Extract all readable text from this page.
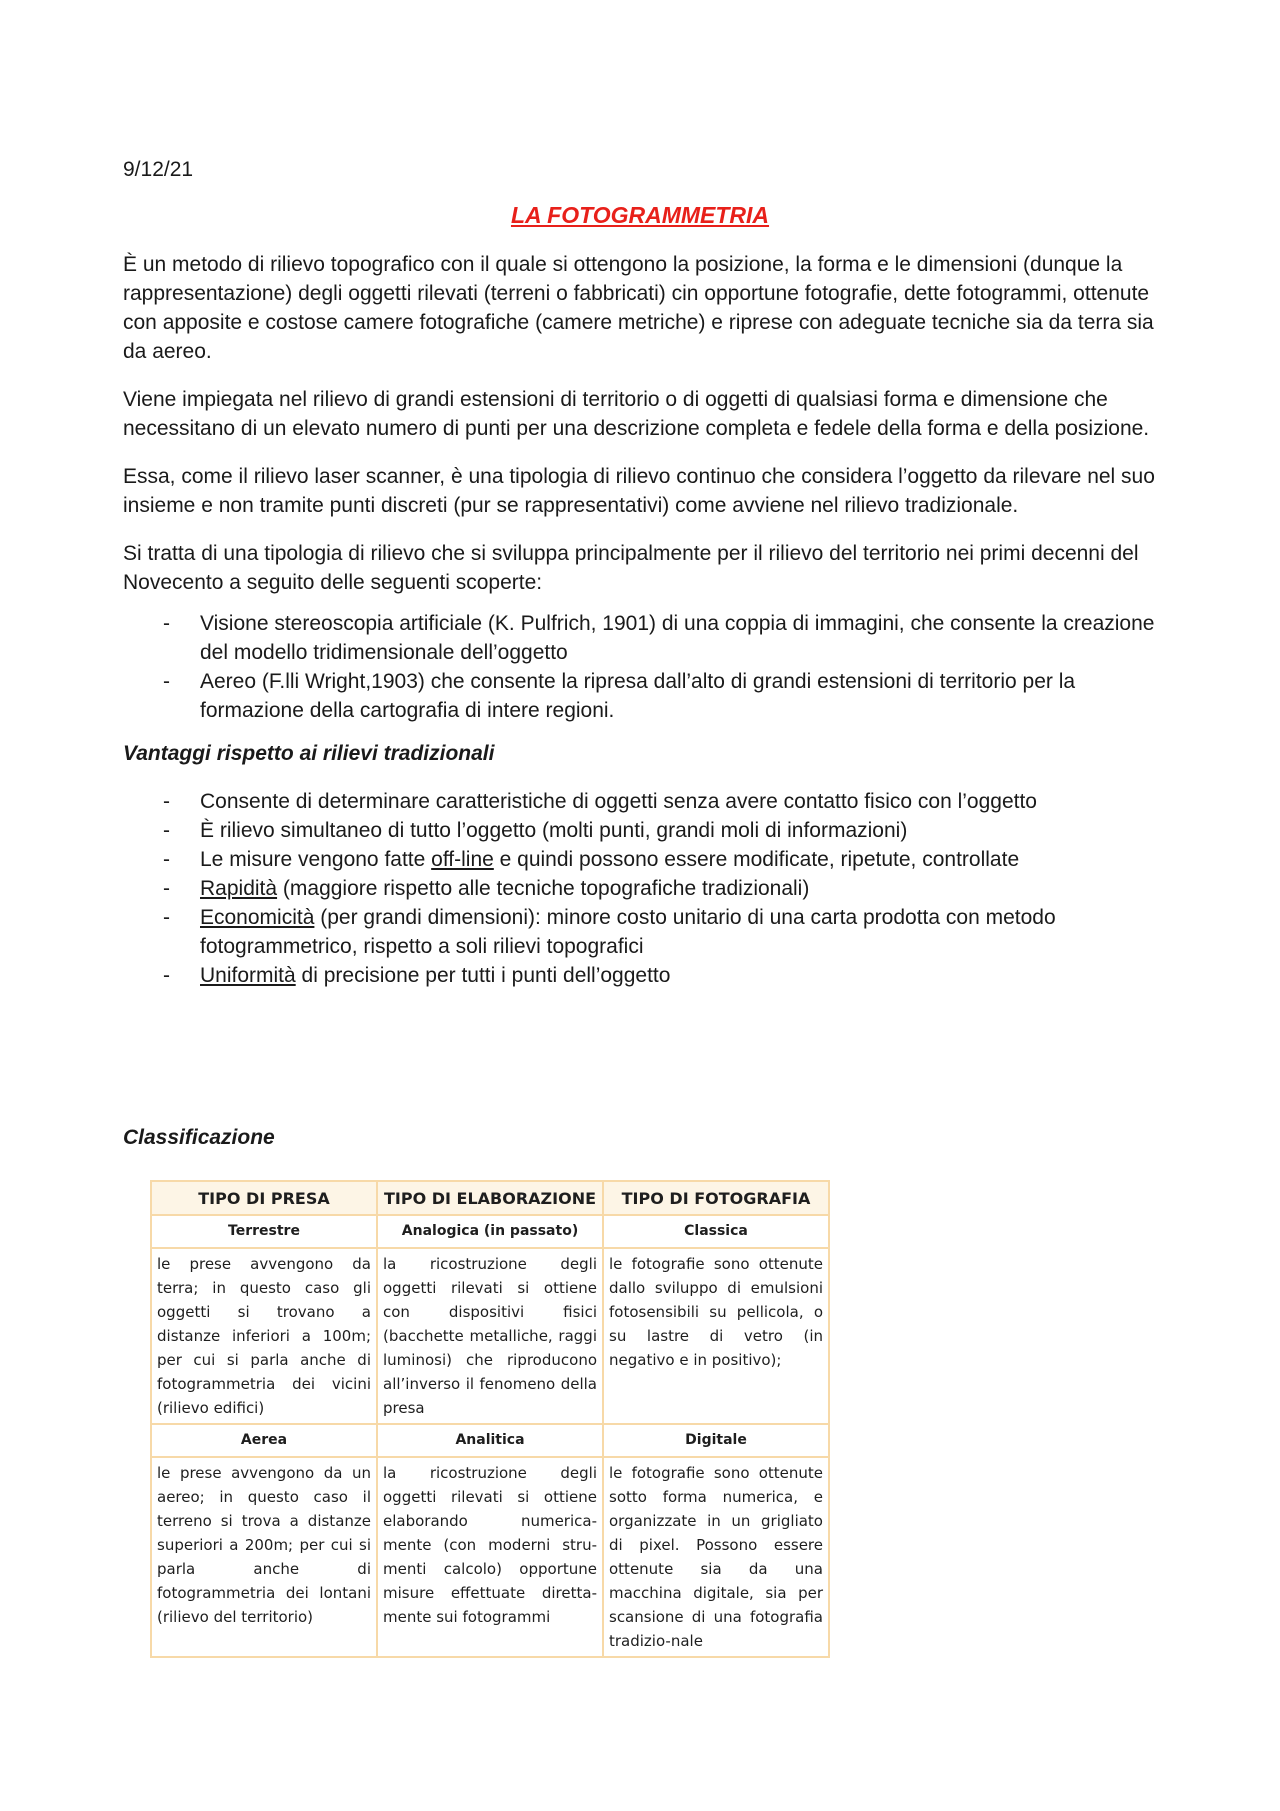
9/12/21
LA FOTOGRAMMETRIA

È un metodo di rilievo topografico con il quale si ottengono la posizione, la forma e le dimensioni (dunque la rappresentazione) degli oggetti rilevati (terreni o fabbricati) cin opportune fotografie, dette fotogrammi, ottenute con apposite e costose camere fotografiche (camere metriche) e riprese con adeguate tecniche sia da terra sia da aereo.

Viene impiegata nel rilievo di grandi estensioni di territorio o di oggetti di qualsiasi forma e dimensione che necessitano di un elevato numero di punti per una descrizione completa e fedele della forma e della posizione.

Essa, come il rilievo laser scanner, è una tipologia di rilievo continuo che considera l’oggetto da rilevare nel suo insieme e non tramite punti discreti (pur se rappresentativi) come avviene nel rilievo tradizionale.

Si tratta di una tipologia di rilievo che si sviluppa principalmente per il rilievo del territorio nei primi decenni del Novecento a seguito delle seguenti scoperte:

- Visione stereoscopia artificiale (K. Pulfrich, 1901) di una coppia di immagini, che consente la creazione del modello tridimensionale dell’oggetto
- Aereo (F.lli Wright,1903) che consente la ripresa dall’alto di grandi estensioni di territorio per la formazione della cartografia di intere regioni.
Vantaggi rispetto ai rilievi tradizionali
- Consente di determinare caratteristiche di oggetti senza avere contatto fisico con l’oggetto
- È rilievo simultaneo di tutto l’oggetto (molti punti, grandi moli di informazioni)
- Le misure vengono fatte off-line e quindi possono essere modificate, ripetute, controllate
- Rapidità (maggiore rispetto alle tecniche topografiche tradizionali)
- Economicità (per grandi dimensioni): minore costo unitario di una carta prodotta con metodo fotogrammetrico, rispetto a soli rilievi topografici
- Uniformità di precisione per tutti i punti dell’oggetto
Classificazione
TIPO DI PRESA	TIPO DI ELABORAZIONE	TIPO DI FOTOGRAFIA
Terrestre	Analogica (in passato)	Classica
le prese avvengono da terra; in questo caso gli oggetti si trovano a distanze inferiori a 100m; per cui si parla anche di fotogrammetria dei vicini (rilievo edifici)	la ricostruzione degli oggetti rilevati si ottiene con dispositivi fisici (bacchette metalliche, raggi luminosi) che riproducono all’inverso il fenomeno della presa	le fotografie sono ottenute dallo sviluppo di emulsioni fotosensibili su pellicola, o su lastre di vetro (in negativo e in positivo);
Aerea	Analitica	Digitale
le prese avvengono da un aereo; in questo caso il terreno si trova a distanze superiori a 200m; per cui si parla anche di fotogrammetria dei lontani (rilievo del territorio)	la ricostruzione degli oggetti rilevati si ottiene elaborando numerica-mente (con moderni stru-menti calcolo) opportune misure effettuate diretta-mente sui fotogrammi	le fotografie sono ottenute sotto forma numerica, e organizzate in un grigliato di pixel. Possono essere ottenute sia da una macchina digitale, sia per scansione di una fotografia tradizio-nale
